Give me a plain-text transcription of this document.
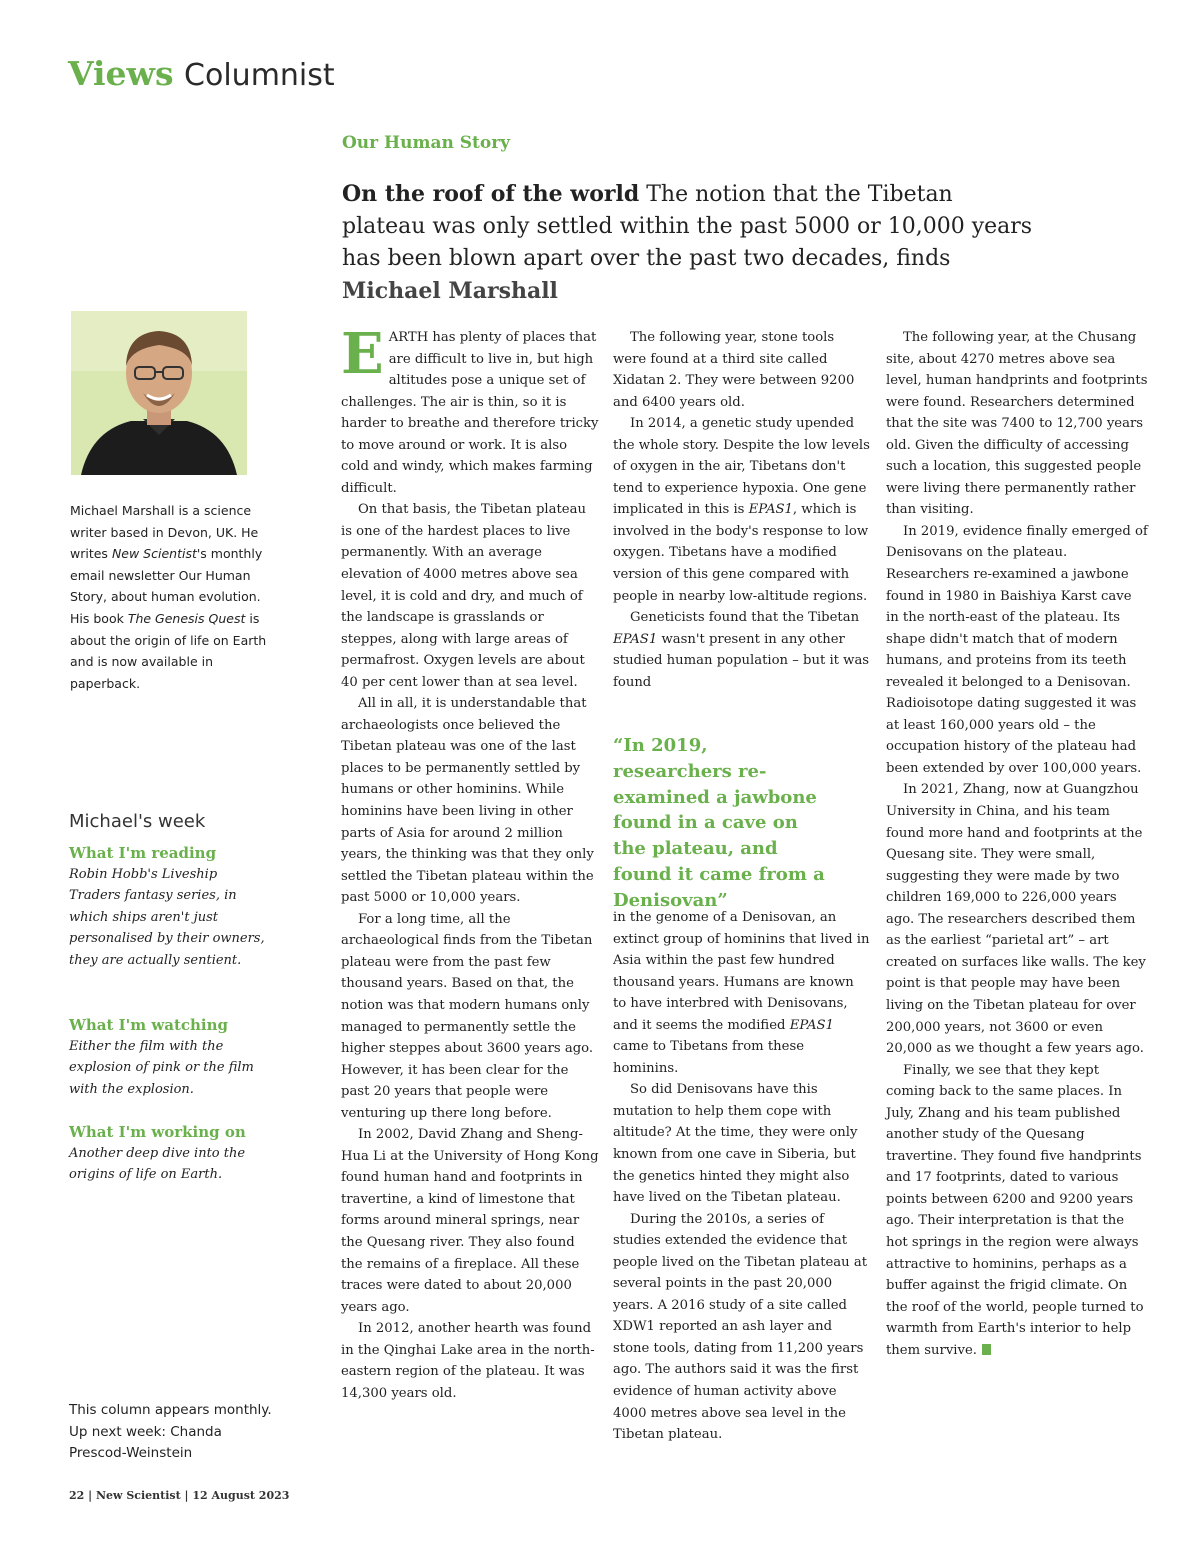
Views Columnist
Our Human Story
On the roof of the world The notion that the Tibetan plateau was only settled within the past 5000 or 10,000 years has been blown apart over the past two decades, finds Michael Marshall
Michael Marshall is a science writer based in Devon, UK. He writes New Scientist's monthly email newsletter Our Human Story, about human evolution. His book The Genesis Quest is about the origin of life on Earth and is now available in paperback.
Michael's week
What I'm reading
Robin Hobb's Liveship Traders fantasy series, in which ships aren't just personalised by their owners, they are actually sentient.
What I'm watching
Either the film with the explosion of pink or the film with the explosion.
What I'm working on
Another deep dive into the origins of life on Earth.
This column appears monthly. Up next week: Chanda Prescod-Weinstein
22 | New Scientist | 12 August 2023

EARTH has plenty of places that are difficult to live in, but high altitudes pose a unique set of challenges. The air is thin, so it is harder to breathe and therefore tricky to move around or work. It is also cold and windy, which makes farming difficult.

On that basis, the Tibetan plateau is one of the hardest places to live permanently. With an average elevation of 4000 metres above sea level, it is cold and dry, and much of the landscape is grasslands or steppes, along with large areas of permafrost. Oxygen levels are about 40 per cent lower than at sea level.

All in all, it is understandable that archaeologists once believed the Tibetan plateau was one of the last places to be permanently settled by humans or other hominins. While hominins have been living in other parts of Asia for around 2 million years, the thinking was that they only settled the Tibetan plateau within the past 5000 or 10,000 years.

For a long time, all the archaeological finds from the Tibetan plateau were from the past few thousand years. Based on that, the notion was that modern humans only managed to permanently settle the higher steppes about 3600 years ago. However, it has been clear for the past 20 years that people were venturing up there long before.

In 2002, David Zhang and Sheng-Hua Li at the University of Hong Kong found human hand and footprints in travertine, a kind of limestone that forms around mineral springs, near the Quesang river. They also found the remains of a fireplace. All these traces were dated to about 20,000 years ago.

In 2012, another hearth was found in the Qinghai Lake area in the north-eastern region of the plateau. It was 14,300 years old.

The following year, stone tools were found at a third site called Xidatan 2. They were between 9200 and 6400 years old.

In 2014, a genetic study upended the whole story. Despite the low levels of oxygen in the air, Tibetans don't tend to experience hypoxia. One gene implicated in this is EPAS1, which is involved in the body's response to low oxygen. Tibetans have a modified version of this gene compared with people in nearby low-altitude regions.

Geneticists found that the Tibetan EPAS1 wasn't present in any other studied human population – but it was found

“In 2019, researchers re-examined a jawbone found in a cave on the plateau, and found it came from a Denisovan”

in the genome of a Denisovan, an extinct group of hominins that lived in Asia within the past few hundred thousand years. Humans are known to have interbred with Denisovans, and it seems the modified EPAS1 came to Tibetans from these hominins.

So did Denisovans have this mutation to help them cope with altitude? At the time, they were only known from one cave in Siberia, but the genetics hinted they might also have lived on the Tibetan plateau.

During the 2010s, a series of studies extended the evidence that people lived on the Tibetan plateau at several points in the past 20,000 years. A 2016 study of a site called XDW1 reported an ash layer and stone tools, dating from 11,200 years ago. The authors said it was the first evidence of human activity above 4000 metres above sea level in the Tibetan plateau.

The following year, at the Chusang site, about 4270 metres above sea level, human handprints and footprints were found. Researchers determined that the site was 7400 to 12,700 years old. Given the difficulty of accessing such a location, this suggested people were living there permanently rather than visiting.

In 2019, evidence finally emerged of Denisovans on the plateau. Researchers re-examined a jawbone found in 1980 in Baishiya Karst cave in the north-east of the plateau. Its shape didn't match that of modern humans, and proteins from its teeth revealed it belonged to a Denisovan. Radioisotope dating suggested it was at least 160,000 years old – the occupation history of the plateau had been extended by over 100,000 years.

In 2021, Zhang, now at Guangzhou University in China, and his team found more hand and footprints at the Quesang site. They were small, suggesting they were made by two children 169,000 to 226,000 years ago. The researchers described them as the earliest “parietal art” – art created on surfaces like walls. The key point is that people may have been living on the Tibetan plateau for over 200,000 years, not 3600 or even 20,000 as we thought a few years ago.

Finally, we see that they kept coming back to the same places. In July, Zhang and his team published another study of the Quesang travertine. They found five handprints and 17 footprints, dated to various points between 6200 and 9200 years ago. Their interpretation is that the hot springs in the region were always attractive to hominins, perhaps as a buffer against the frigid climate. On the roof of the world, people turned to warmth from Earth's interior to help them survive.
